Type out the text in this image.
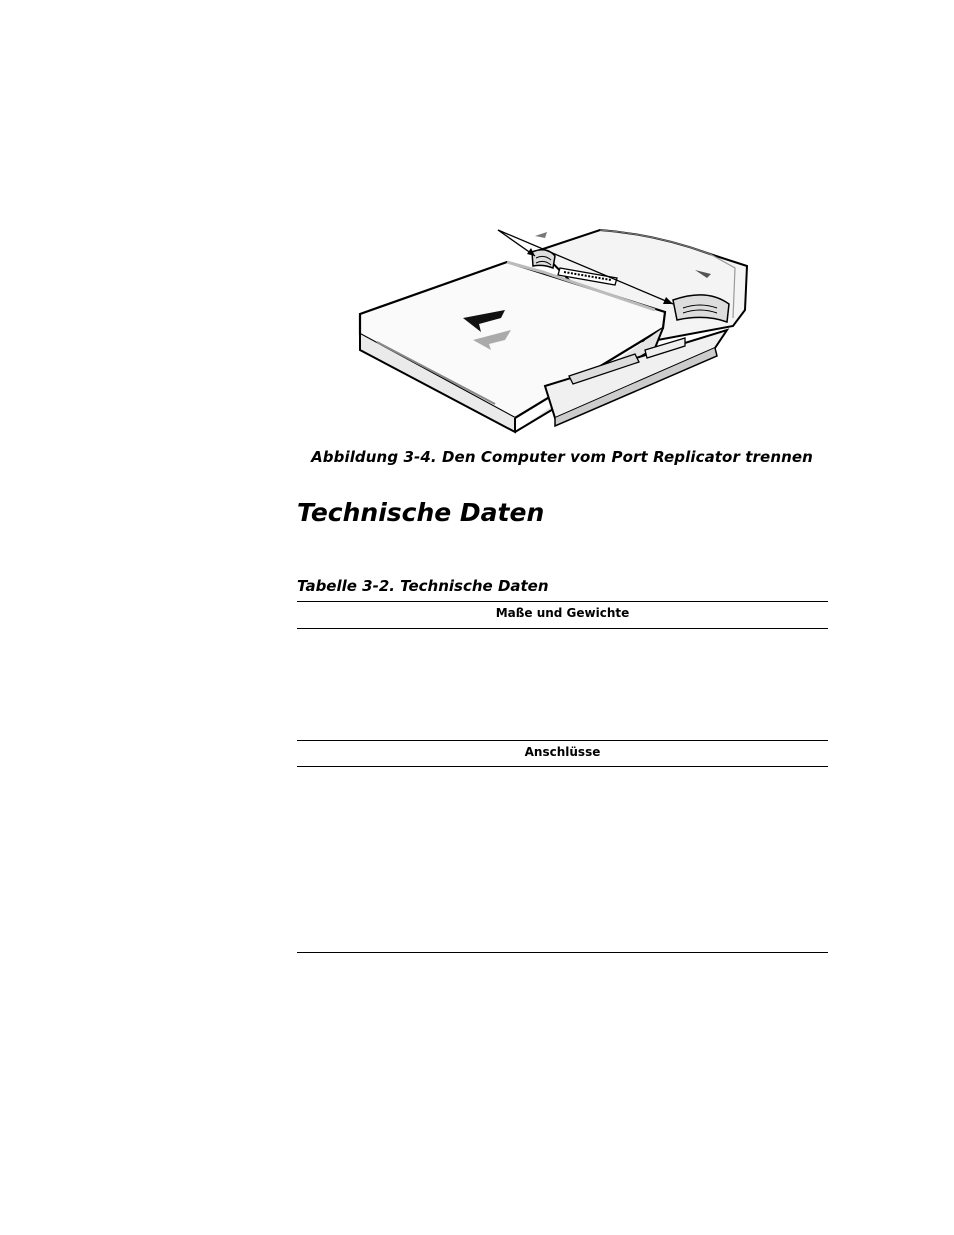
Abbildung 3-4. Den Computer vom Port Replicator trennen
Technische Daten
Tabelle 3-2. Technische Daten
Maße und Gewichte
Anschlüsse
